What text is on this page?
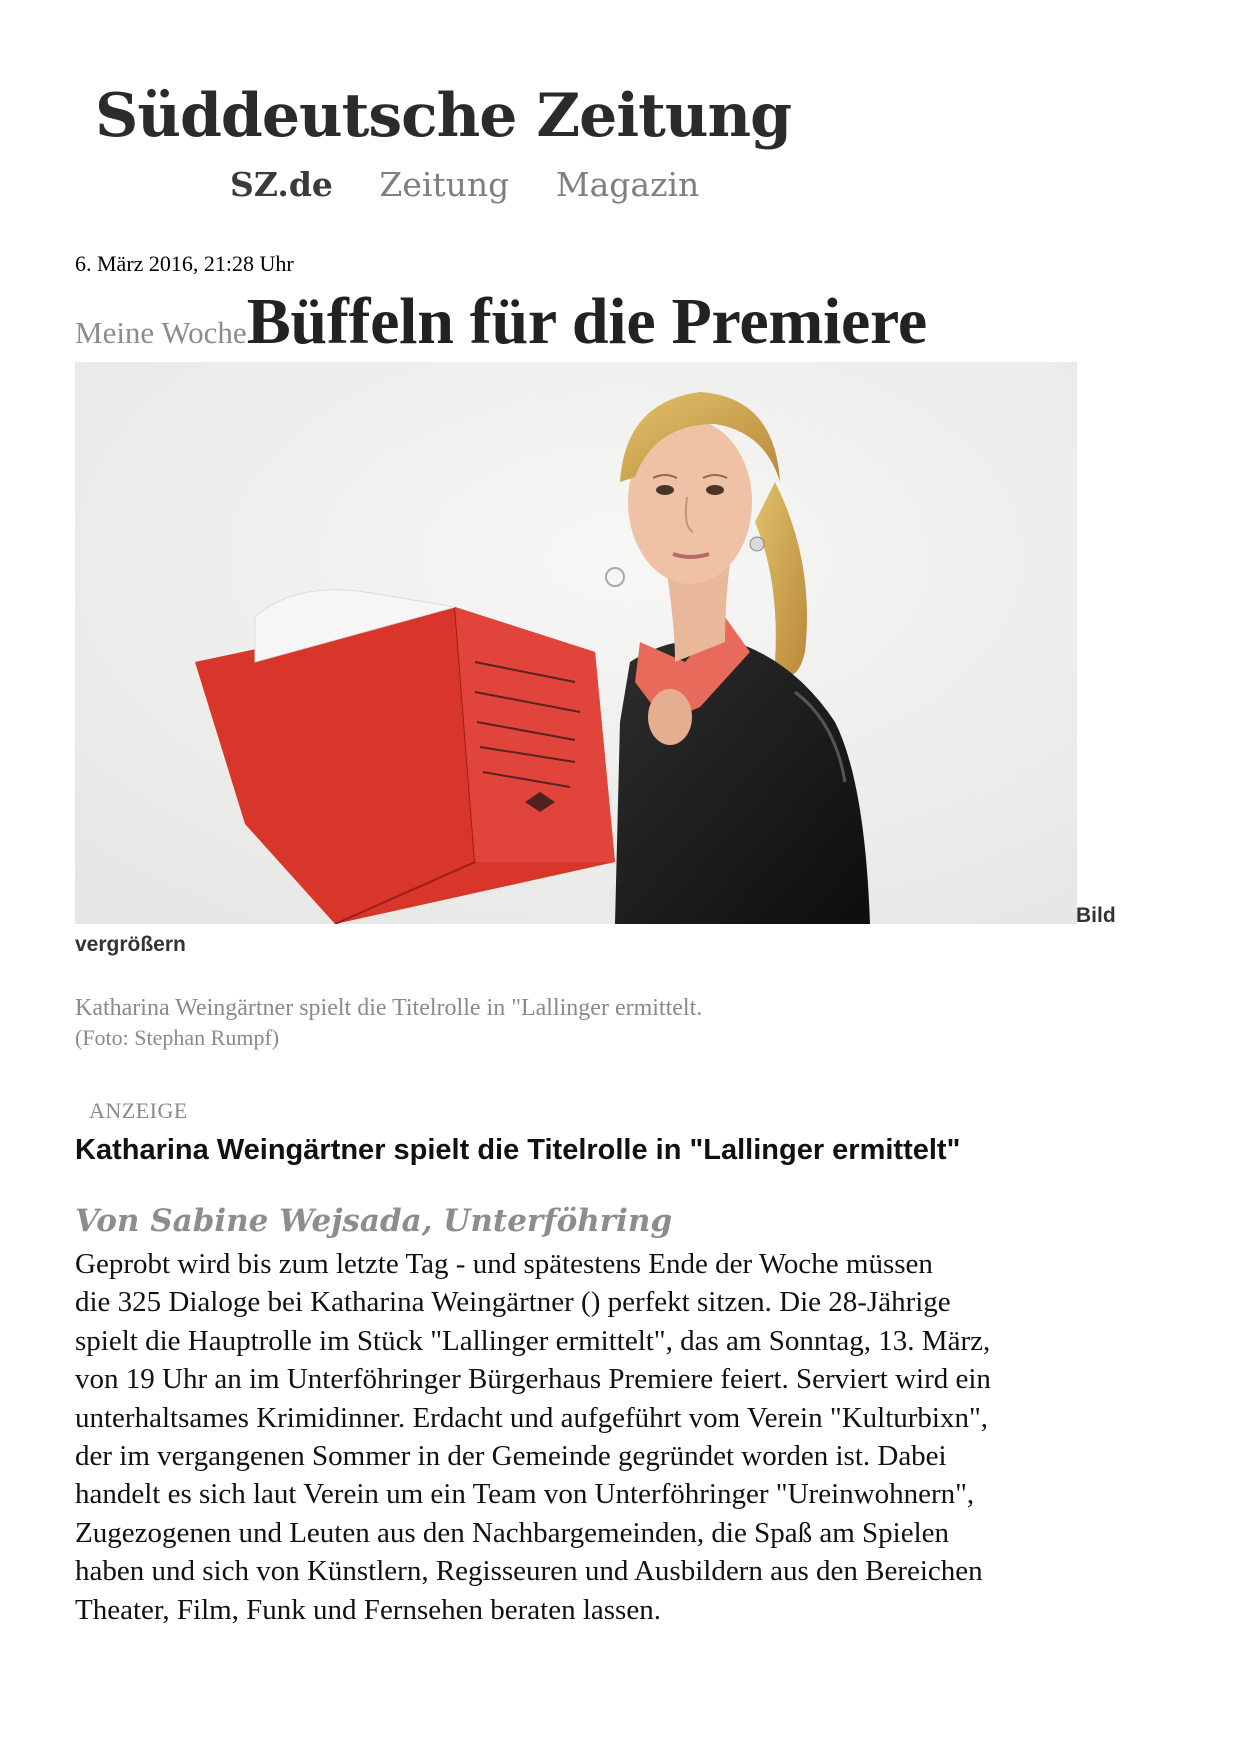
Süddeutsche Zeitung
SZ.de Zeitung Magazin
6. März 2016, 21:28 Uhr
Meine WocheBüffeln für die Premiere
Bild
vergrößern
Katharina Weingärtner spielt die Titelrolle in "Lallinger ermittelt.
(Foto: Stephan Rumpf)
ANZEIGE
Katharina Weingärtner spielt die Titelrolle in "Lallinger ermittelt"
Von Sabine Wejsada, Unterföhring
Geprobt wird bis zum letzte Tag - und spätestens Ende der Woche müssen
die 325 Dialoge bei Katharina Weingärtner () perfekt sitzen. Die 28-Jährige
spielt die Hauptrolle im Stück "Lallinger ermittelt", das am Sonntag, 13. März,
von 19 Uhr an im Unterföhringer Bürgerhaus Premiere feiert. Serviert wird ein
unterhaltsames Krimidinner. Erdacht und aufgeführt vom Verein "Kulturbixn",
der im vergangenen Sommer in der Gemeinde gegründet worden ist. Dabei
handelt es sich laut Verein um ein Team von Unterföhringer "Ureinwohnern",
Zugezogenen und Leuten aus den Nachbargemeinden, die Spaß am Spielen
haben und sich von Künstlern, Regisseuren und Ausbildern aus den Bereichen
Theater, Film, Funk und Fernsehen beraten lassen.
